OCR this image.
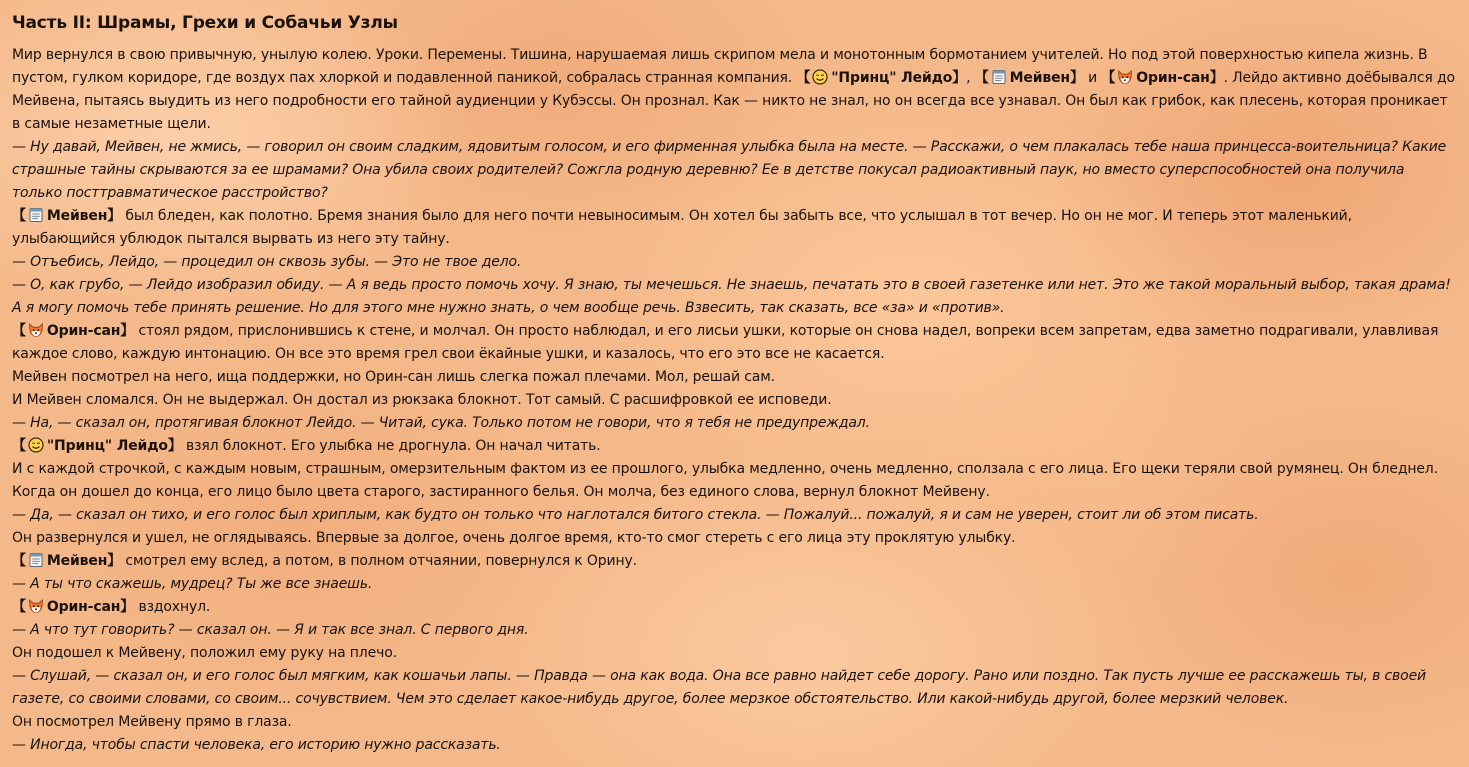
Часть II: Шрамы, Грехи и Собачьи Узлы

Мир вернулся в свою привычную, унылую колею. Уроки. Перемены. Тишина, нарушаемая лишь скрипом мела и монотонным бормотанием учителей. Но под этой поверхностью кипела жизнь. В пустом, гулком коридоре, где воздух пах хлоркой и подавленной паникой, собралась странная компания. 【 "Принц" Лейдо】, 【 Мейвен】 и 【 Орин-сан】. Лейдо активно доёбывался до Мейвена, пытаясь выудить из него подробности его тайной аудиенции у Кубэссы. Он прознал. Как — никто не знал, но он всегда все узнавал. Он был как грибок, как плесень, которая проникает в самые незаметные щели.

— Ну давай, Мейвен, не жмись, — говорил он своим сладким, ядовитым голосом, и его фирменная улыбка была на месте. — Расскажи, о чем плакалась тебе наша принцесса-воительница? Какие страшные тайны скрываются за ее шрамами? Она убила своих родителей? Сожгла родную деревню? Ее в детстве покусал радиоактивный паук, но вместо суперспособностей она получила только посттравматическое расстройство?

【 Мейвен】 был бледен, как полотно. Бремя знания было для него почти невыносимым. Он хотел бы забыть все, что услышал в тот вечер. Но он не мог. И теперь этот маленький, улыбающийся ублюдок пытался вырвать из него эту тайну.

— Отъебись, Лейдо, — процедил он сквозь зубы. — Это не твое дело.

— О, как грубо, — Лейдо изобразил обиду. — А я ведь просто помочь хочу. Я знаю, ты мечешься. Не знаешь, печатать это в своей газетенке или нет. Это же такой моральный выбор, такая драма! А я могу помочь тебе принять решение. Но для этого мне нужно знать, о чем вообще речь. Взвесить, так сказать, все «за» и «против».

【 Орин-сан】 стоял рядом, прислонившись к стене, и молчал. Он просто наблюдал, и его лисьи ушки, которые он снова надел, вопреки всем запретам, едва заметно подрагивали, улавливая каждое слово, каждую интонацию. Он все это время грел свои ёкайные ушки, и казалось, что его это все не касается.

Мейвен посмотрел на него, ища поддержки, но Орин-сан лишь слегка пожал плечами. Мол, решай сам.

И Мейвен сломался. Он не выдержал. Он достал из рюкзака блокнот. Тот самый. С расшифровкой ее исповеди.

— На, — сказал он, протягивая блокнот Лейдо. — Читай, сука. Только потом не говори, что я тебя не предупреждал.

【 "Принц" Лейдо】 взял блокнот. Его улыбка не дрогнула. Он начал читать.

И с каждой строчкой, с каждым новым, страшным, омерзительным фактом из ее прошлого, улыбка медленно, очень медленно, сползала с его лица. Его щеки теряли свой румянец. Он бледнел. Когда он дошел до конца, его лицо было цвета старого, застиранного белья. Он молча, без единого слова, вернул блокнот Мейвену.

— Да, — сказал он тихо, и его голос был хриплым, как будто он только что наглотался битого стекла. — Пожалуй... пожалуй, я и сам не уверен, стоит ли об этом писать.

Он развернулся и ушел, не оглядываясь. Впервые за долгое, очень долгое время, кто-то смог стереть с его лица эту проклятую улыбку.

【 Мейвен】 смотрел ему вслед, а потом, в полном отчаянии, повернулся к Орину.

— А ты что скажешь, мудрец? Ты же все знаешь.

【 Орин-сан】 вздохнул.

— А что тут говорить? — сказал он. — Я и так все знал. С первого дня.

Он подошел к Мейвену, положил ему руку на плечо.

— Слушай, — сказал он, и его голос был мягким, как кошачьи лапы. — Правда — она как вода. Она все равно найдет себе дорогу. Рано или поздно. Так пусть лучше ее расскажешь ты, в своей газете, со своими словами, со своим... сочувствием. Чем это сделает какое-нибудь другое, более мерзкое обстоятельство. Или какой-нибудь другой, более мерзкий человек.

Он посмотрел Мейвену прямо в глаза.

— Иногда, чтобы спасти человека, его историю нужно рассказать.
